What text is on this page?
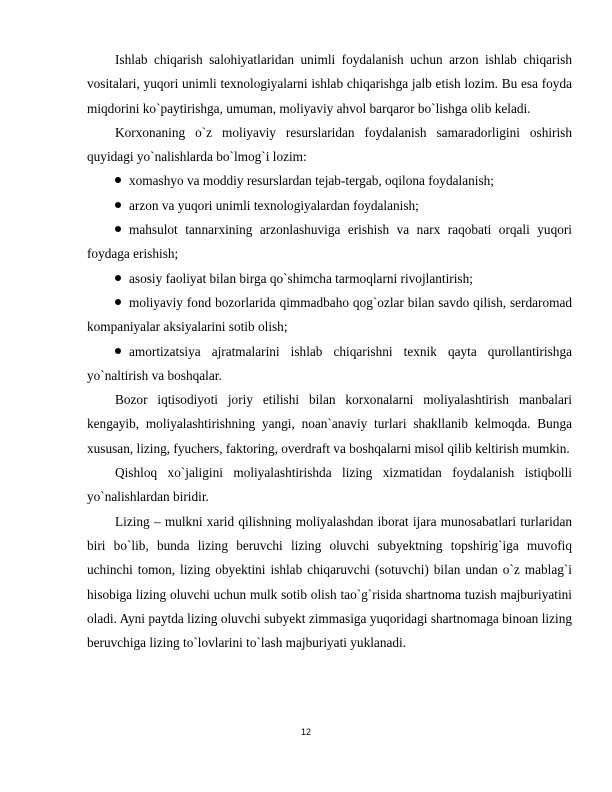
Ishlab chiqarish salohiyatlaridan unimli foydalanish uchun arzon ishlab chiqarish vositalari, yuqori unimli texnologiyalarni ishlab chiqarishga jalb etish lozim. Bu esa foyda miqdorini ko`paytirishga, umuman, moliyaviy ahvol barqaror bo`lishga olib keladi.

Korxonaning o`z moliyaviy resurslaridan foydalanish samaradorligini oshirish quyidagi yo`nalishlarda bo`lmog`i lozim:

xomashyo va moddiy resurslardan tejab-tergab, oqilona foydalanish;

arzon va yuqori unimli texnologiyalardan foydalanish;

mahsulot tannarxining arzonlashuviga erishish va narx raqobati orqali yuqori foydaga erishish;

asosiy faoliyat bilan birga qo`shimcha tarmoqlarni rivojlantirish;

moliyaviy fond bozorlarida qimmadbaho qog`ozlar bilan savdo qilish, serdaromad kompaniyalar aksiyalarini sotib olish;

amortizatsiya ajratmalarini ishlab chiqarishni texnik qayta qurollantirishga yo`naltirish va boshqalar.

Bozor iqtisodiyoti joriy etilishi bilan korxonalarni moliyalashtirish manbalari kengayib, moliyalashtirishning yangi, noan`anaviy turlari shakllanib kelmoqda. Bunga xususan, lizing, fyuchers, faktoring, overdraft va boshqalarni misol qilib keltirish mumkin.

Qishloq xo`jaligini moliyalashtirishda lizing xizmatidan foydalanish istiqbolli yo`nalishlardan biridir.

Lizing – mulkni xarid qilishning moliyalashdan iborat ijara munosabatlari turlaridan biri bo`lib, bunda lizing beruvchi lizing oluvchi subyektning topshirig`iga muvofiq uchinchi tomon, lizing obyektini ishlab chiqaruvchi (sotuvchi) bilan undan o`z mablag`i hisobiga lizing oluvchi uchun mulk sotib olish tao`g`risida shartnoma tuzish majburiyatini oladi. Ayni paytda lizing oluvchi subyekt zimmasiga yuqoridagi shartnomaga binoan lizing beruvchiga lizing to`lovlarini to`lash majburiyati yuklanadi.

12
